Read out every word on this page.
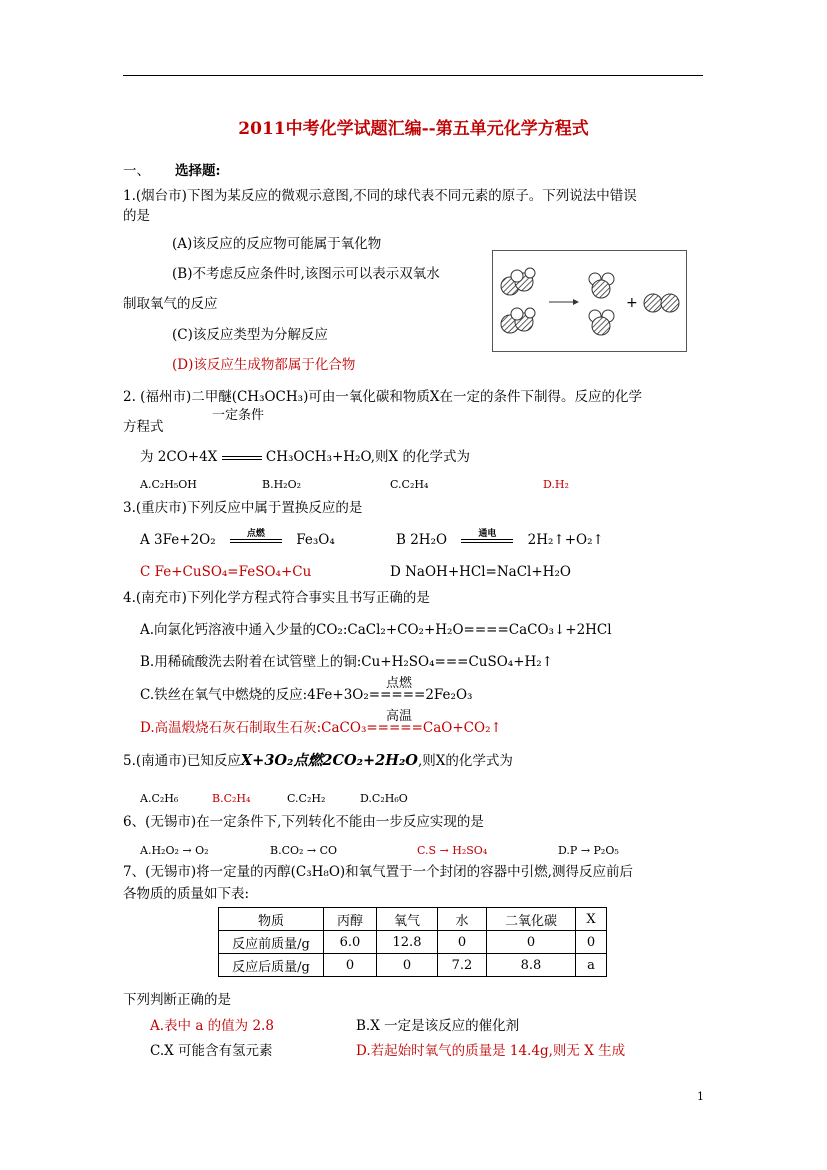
2011中考化学试题汇编--第五单元化学方程式
一、 选择题:
1.(烟台市)下图为某反应的微观示意图,不同的球代表不同元素的原子。下列说法中错误
的是
(A)该反应的反应物可能属于氧化物
(B)不考虑反应条件时,该图示可以表示双氧水
制取氧气的反应
(C)该反应类型为分解反应
(D)该反应生成物都属于化合物
+
2. (福州市)二甲醚(CH₃OCH₃)可由一氧化碳和物质X在一定的条件下制得。反应的化学
一定条件
方程式
为 2CO+4X	CH₃OCH₃+H₂O,则X 的化学式为
A.C₂H₅OH	B.H₂O₂	C.C₂H₄	D.H₂
3.(重庆市)下列反应中属于置换反应的是
A 3Fe+2O₂	点燃	Fe₃O₄	B 2H₂O	通电	2H₂↑+O₂↑
C Fe+CuSO₄=FeSO₄+Cu	D NaOH+HCl=NaCl+H₂O
4.(南充市)下列化学方程式符合事实且书写正确的是
A.向氯化钙溶液中通入少量的CO₂:CaCl₂+CO₂+H₂O====CaCO₃↓+2HCl
B.用稀硫酸洗去附着在试管壁上的铜:Cu+H₂SO₄===CuSO₄+H₂↑
点燃
C.铁丝在氧气中燃烧的反应:4Fe+3O₂=====2Fe₂O₃
高温
D.高温煅烧石灰石制取生石灰:CaCO₃=====CaO+CO₂↑
5.(南通市)已知反应X+3O₂点燃2CO₂+2H₂O,则X的化学式为
A.C₂H₆	B.C₂H₄	C.C₂H₂	D.C₂H₆O
6、(无锡市)在一定条件下,下列转化不能由一步反应实现的是
A.H₂O₂ → O₂	B.CO₂ → CO	C.S → H₂SO₄	D.P → P₂O₅
7、(无锡市)将一定量的丙醇(C₃H₈O)和氧气置于一个封闭的容器中引燃,测得反应前后
各物质的质量如下表:
物质	丙醇	氧气	水	二氧化碳	X
反应前质量/g	6.0	12.8	0	0	0
反应后质量/g	0	0	7.2	8.8	a
下列判断正确的是
A.表中 a 的值为 2.8	B.X 一定是该反应的催化剂
C.X 可能含有氢元素	D.若起始时氧气的质量是 14.4g,则无 X 生成
1
